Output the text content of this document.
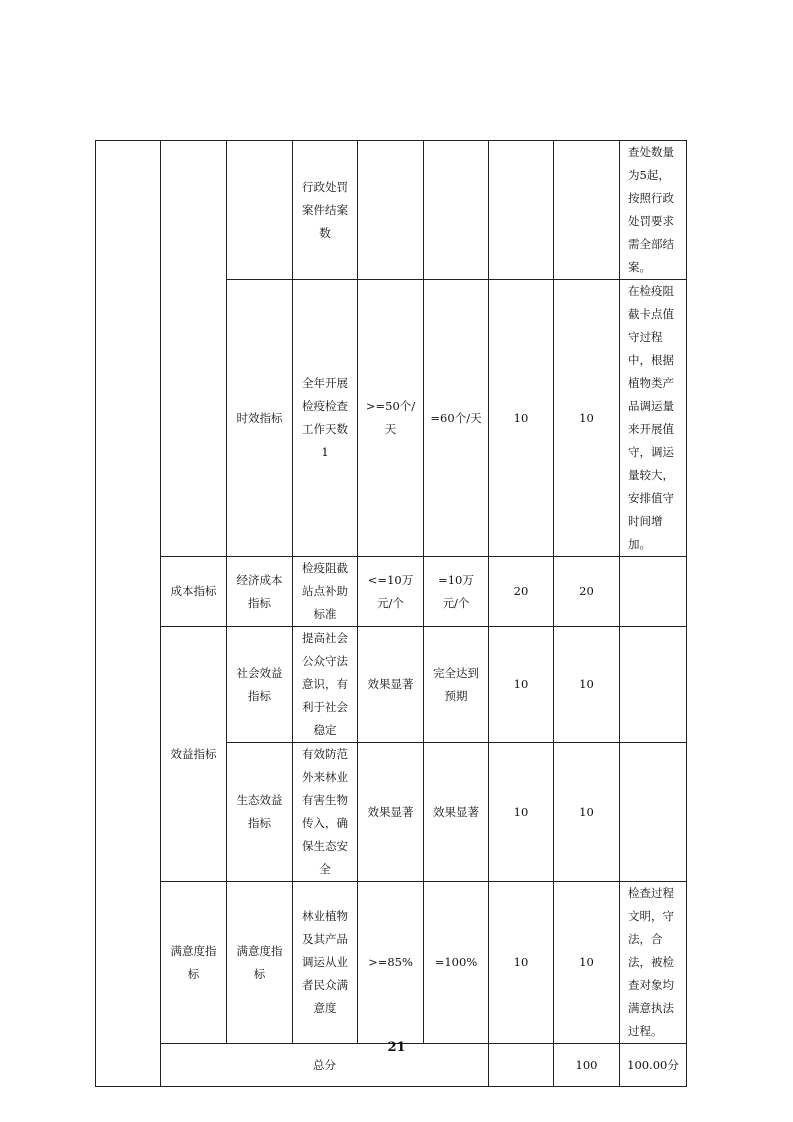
			行政处罚案件结案数					查处数量为5起，按照行政处罚要求需全部结案。	
		时效指标	全年开展检疫检查工作天数1	>=50个/天	=60个/天	10	10	在检疫阻截卡点值守过程中，根据植物类产品调运量来开展值守，调运量较大，安排值守时间增加。	
	成本指标	经济成本指标	检疫阻截站点补助标准	<=10万元/个	=10万元/个	20	20		
	效益指标	社会效益指标	提高社会公众守法意识，有利于社会稳定	效果显著	完全达到预期	10	10		
		生态效益指标	有效防范外来林业有害生物传入，确保生态安全	效果显著	效果显著	10	10		
	满意度指标	满意度指标	林业植物及其产品调运从业者民众满意度	>=85%	=100%	10	10	检查过程文明，守法，合法，被检查对象均满意执法过程。	
	总分						100	100.00分	
21
